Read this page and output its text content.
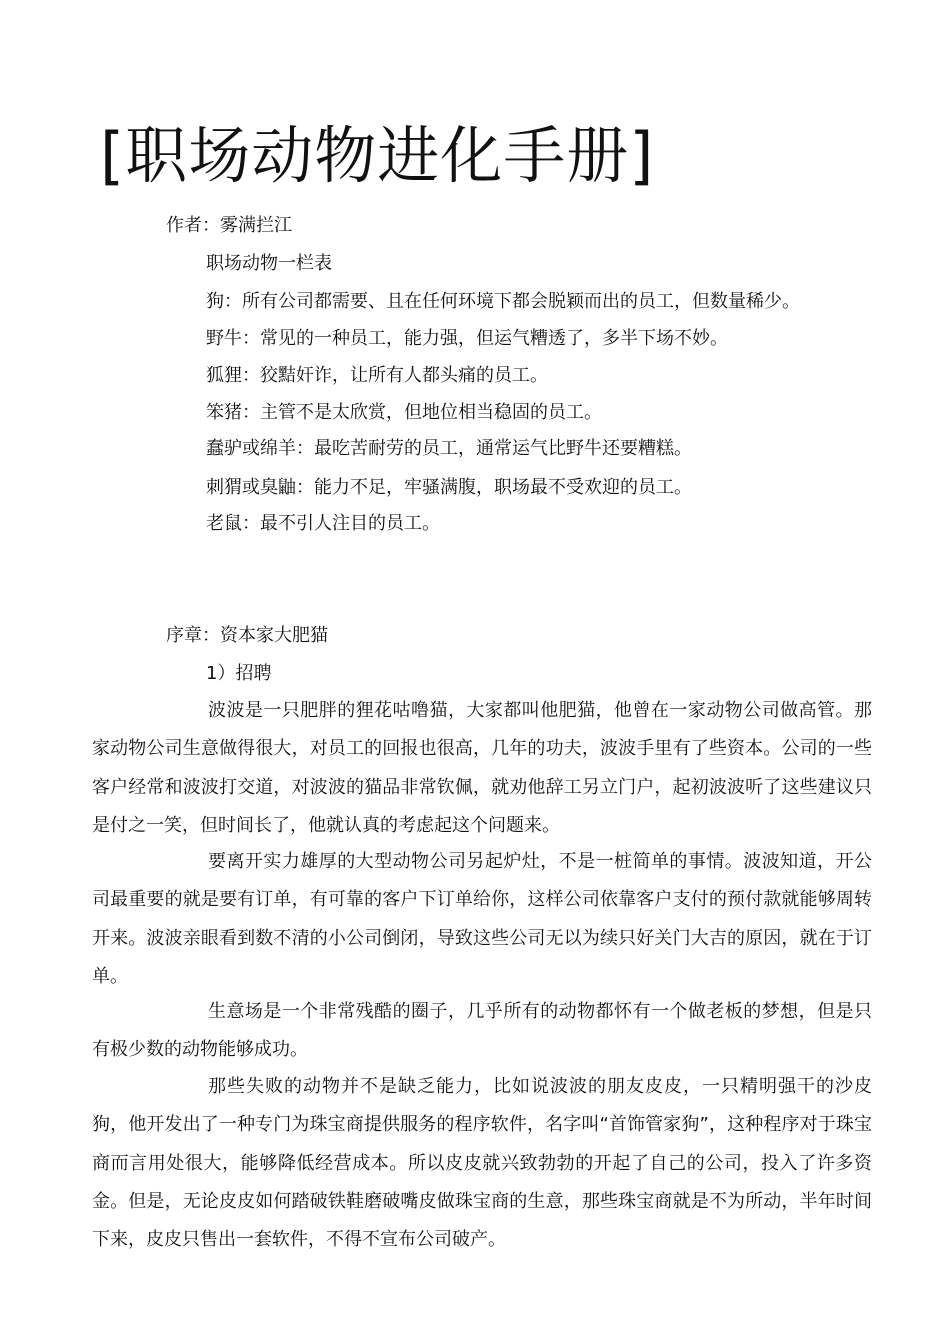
[职场动物进化手册]

作者：雾满拦江

职场动物一栏表

狗：所有公司都需要、且在任何环境下都会脱颖而出的员工，但数量稀少。

野牛：常见的一种员工，能力强，但运气糟透了，多半下场不妙。

狐狸：狡黠奸诈，让所有人都头痛的员工。

笨猪：主管不是太欣赏，但地位相当稳固的员工。

蠢驴或绵羊：最吃苦耐劳的员工，通常运气比野牛还要糟糕。

刺猬或臭鼬：能力不足，牢骚满腹，职场最不受欢迎的员工。

老鼠：最不引人注目的员工。

序章：资本家大肥猫

1）招聘

波波是一只肥胖的狸花咕噜猫，大家都叫他肥猫，他曾在一家动物公司做高管。那家动物公司生意做得很大，对员工的回报也很高，几年的功夫，波波手里有了些资本。公司的一些客户经常和波波打交道，对波波的猫品非常钦佩，就劝他辞工另立门户，起初波波听了这些建议只是付之一笑，但时间长了，他就认真的考虑起这个问题来。

要离开实力雄厚的大型动物公司另起炉灶，不是一桩简单的事情。波波知道，开公司最重要的就是要有订单，有可靠的客户下订单给你，这样公司依靠客户支付的预付款就能够周转开来。波波亲眼看到数不清的小公司倒闭，导致这些公司无以为续只好关门大吉的原因，就在于订单。

生意场是一个非常残酷的圈子，几乎所有的动物都怀有一个做老板的梦想，但是只有极少数的动物能够成功。

那些失败的动物并不是缺乏能力，比如说波波的朋友皮皮，一只精明强干的沙皮狗，他开发出了一种专门为珠宝商提供服务的程序软件，名字叫“首饰管家狗”，这种程序对于珠宝商而言用处很大，能够降低经营成本。所以皮皮就兴致勃勃的开起了自己的公司，投入了许多资金。但是，无论皮皮如何踏破铁鞋磨破嘴皮做珠宝商的生意，那些珠宝商就是不为所动，半年时间下来，皮皮只售出一套软件，不得不宣布公司破产。
